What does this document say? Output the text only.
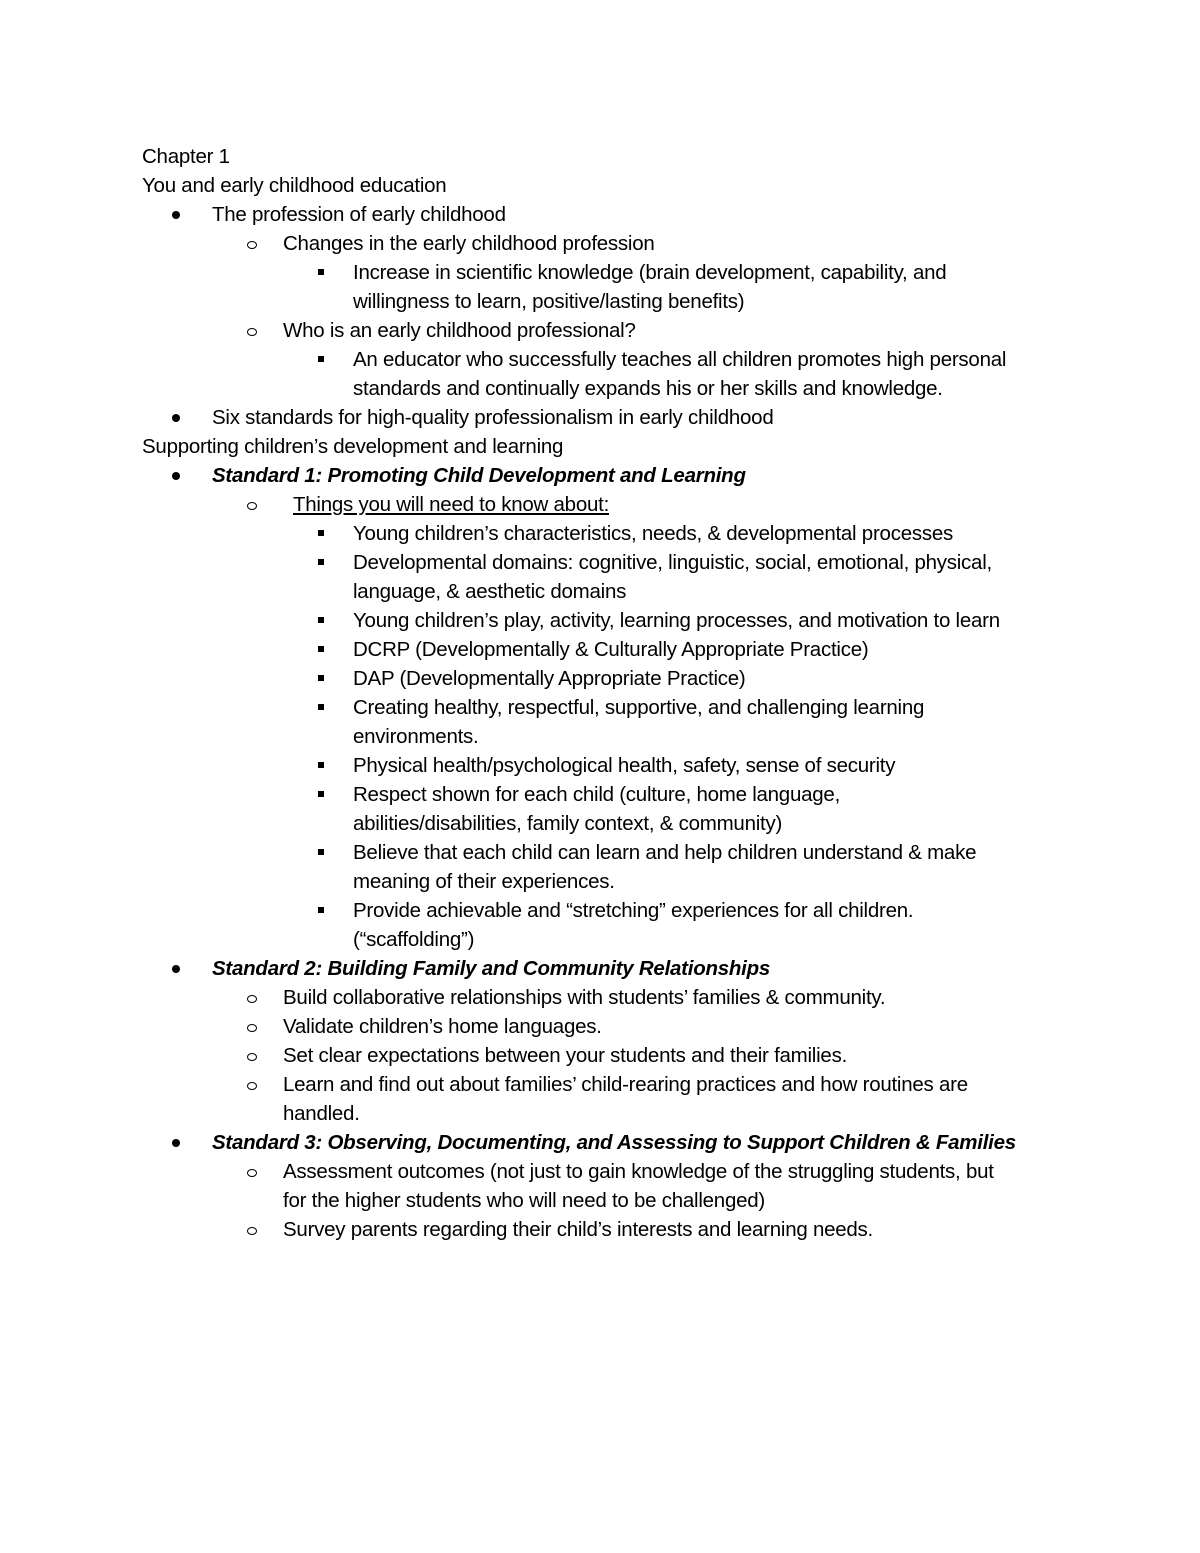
Chapter 1

You and early childhood education

The profession of early childhood

Changes in the early childhood profession

Increase in scientific knowledge (brain development, capability, and

willingness to learn, positive/lasting benefits)

Who is an early childhood professional?

An educator who successfully teaches all children promotes high personal

standards and continually expands his or her skills and knowledge.

Six standards for high-quality professionalism in early childhood

Supporting children’s development and learning

Standard 1: Promoting Child Development and Learning

Things you will need to know about:

Young children’s characteristics, needs, & developmental processes

Developmental domains: cognitive, linguistic, social, emotional, physical,

language, & aesthetic domains

Young children’s play, activity, learning processes, and motivation to learn

DCRP (Developmentally & Culturally Appropriate Practice)

DAP (Developmentally Appropriate Practice)

Creating healthy, respectful, supportive, and challenging learning

environments.

Physical health/psychological health, safety, sense of security

Respect shown for each child (culture, home language,

abilities/disabilities, family context, & community)

Believe that each child can learn and help children understand & make

meaning of their experiences.

Provide achievable and “stretching” experiences for all children.

(“scaffolding”)

Standard 2: Building Family and Community Relationships

Build collaborative relationships with students’ families & community.

Validate children’s home languages.

Set clear expectations between your students and their families.

Learn and find out about families’ child-rearing practices and how routines are

handled.

Standard 3: Observing, Documenting, and Assessing to Support Children & Families

Assessment outcomes (not just to gain knowledge of the struggling students, but

for the higher students who will need to be challenged)

Survey parents regarding their child’s interests and learning needs.
